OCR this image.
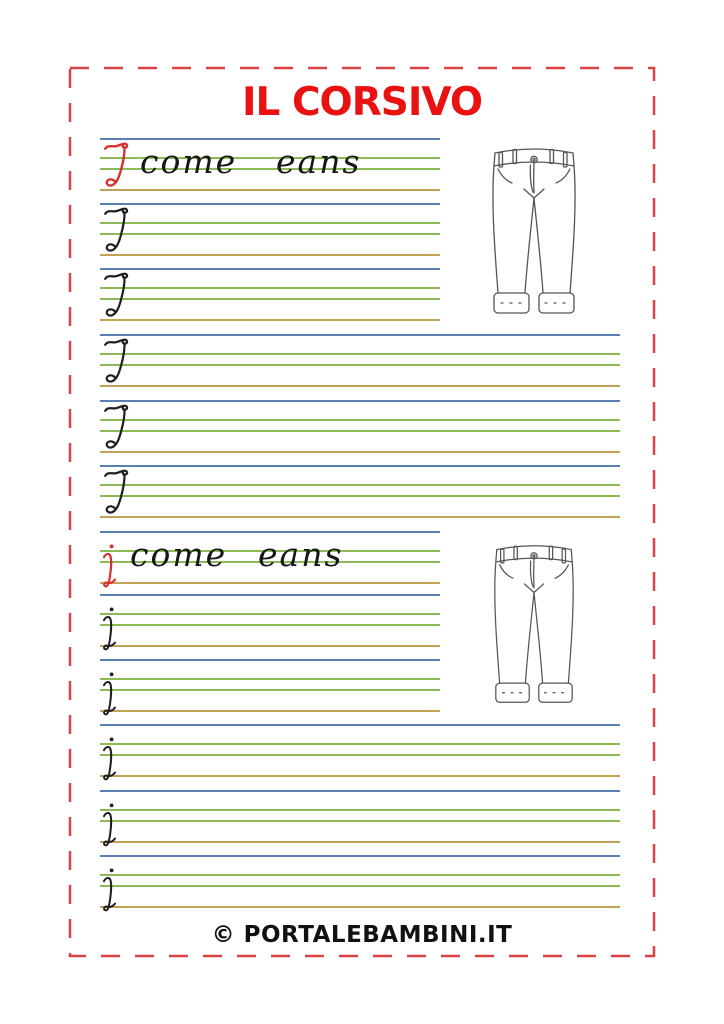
IL CORSIVO
come eans
come eans
© PORTALEBAMBINI.IT
